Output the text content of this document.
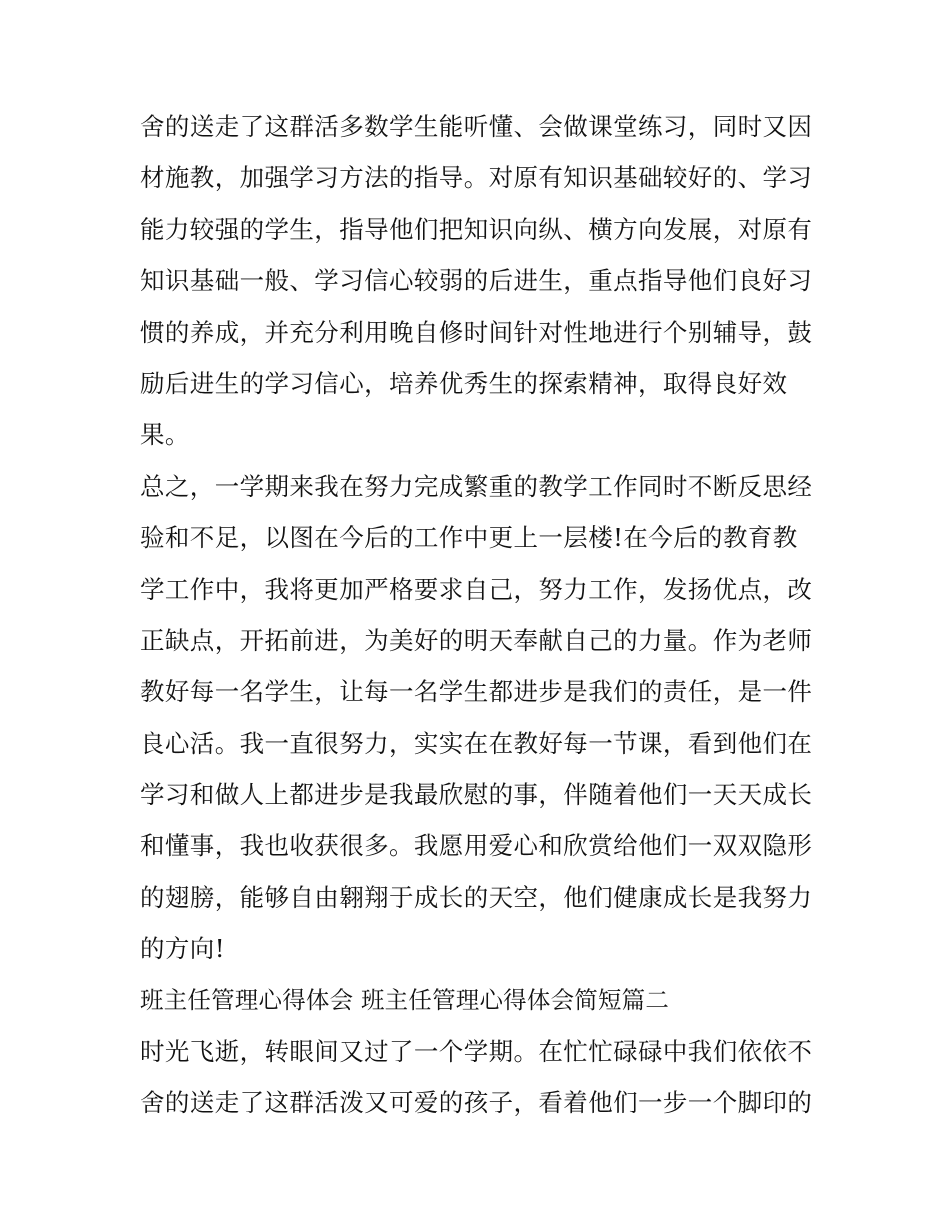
舍的送走了这群活多数学生能听懂、会做课堂练习，同时又因
材施教，加强学习方法的指导。对原有知识基础较好的、学习
能力较强的学生，指导他们把知识向纵、横方向发展，对原有
知识基础一般、学习信心较弱的后进生，重点指导他们良好习
惯的养成，并充分利用晚自修时间针对性地进行个别辅导，鼓
励后进生的学习信心，培养优秀生的探索精神，取得良好效
果。
总之，一学期来我在努力完成繁重的教学工作同时不断反思经
验和不足，以图在今后的工作中更上一层楼!在今后的教育教
学工作中，我将更加严格要求自己，努力工作，发扬优点，改
正缺点，开拓前进，为美好的明天奉献自己的力量。作为老师
教好每一名学生，让每一名学生都进步是我们的责任，是一件
良心活。我一直很努力，实实在在教好每一节课，看到他们在
学习和做人上都进步是我最欣慰的事，伴随着他们一天天成长
和懂事，我也收获很多。我愿用爱心和欣赏给他们一双双隐形
的翅膀，能够自由翱翔于成长的天空，他们健康成长是我努力
的方向!
班主任管理心得体会 班主任管理心得体会简短篇二
时光飞逝，转眼间又过了一个学期。在忙忙碌碌中我们依依不
舍的送走了这群活泼又可爱的孩子，看着他们一步一个脚印的
